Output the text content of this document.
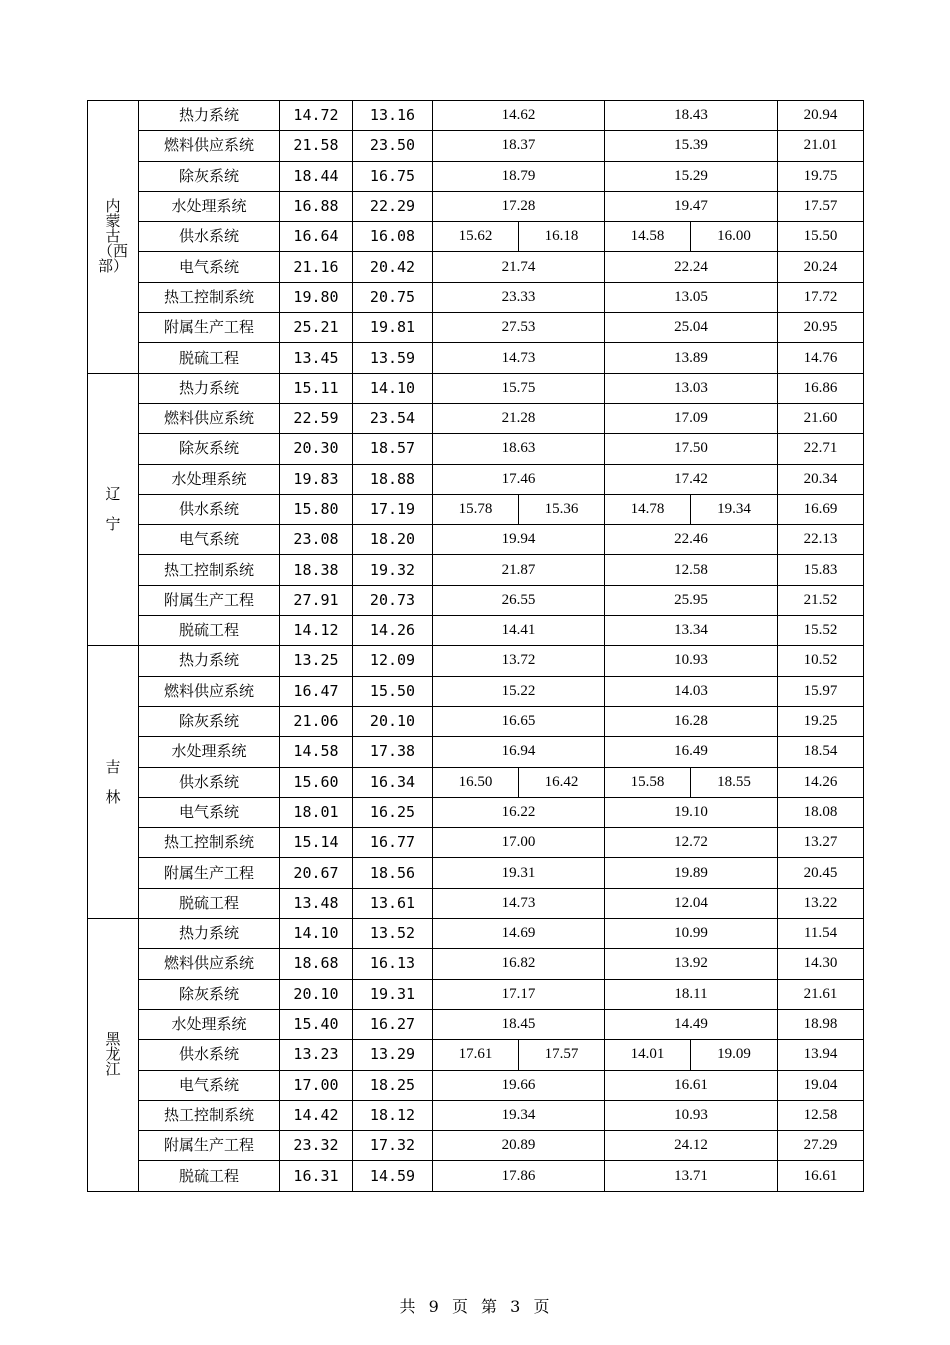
内
蒙
古
（西
部）	热力系统	14.72	13.16	14.62		18.43		20.94
	燃料供应系统	21.58	23.50	18.37		15.39		21.01
	除灰系统	18.44	16.75	18.79		15.29		19.75
	水处理系统	16.88	22.29	17.28		19.47		17.57
	供水系统	16.64	16.08	15.62	16.18	14.58	16.00	15.50
	电气系统	21.16	20.42	21.74		22.24		20.24
	热工控制系统	19.80	20.75	23.33		13.05		17.72
	附属生产工程	25.21	19.81	27.53		25.04		20.95
	脱硫工程	13.45	13.59	14.73		13.89		14.76
辽

宁	热力系统	15.11	14.10	15.75		13.03		16.86
	燃料供应系统	22.59	23.54	21.28		17.09		21.60
	除灰系统	20.30	18.57	18.63		17.50		22.71
	水处理系统	19.83	18.88	17.46		17.42		20.34
	供水系统	15.80	17.19	15.78	15.36	14.78	19.34	16.69
	电气系统	23.08	18.20	19.94		22.46		22.13
	热工控制系统	18.38	19.32	21.87		12.58		15.83
	附属生产工程	27.91	20.73	26.55		25.95		21.52
	脱硫工程	14.12	14.26	14.41		13.34		15.52
吉

林	热力系统	13.25	12.09	13.72		10.93		10.52
	燃料供应系统	16.47	15.50	15.22		14.03		15.97
	除灰系统	21.06	20.10	16.65		16.28		19.25
	水处理系统	14.58	17.38	16.94		16.49		18.54
	供水系统	15.60	16.34	16.50	16.42	15.58	18.55	14.26
	电气系统	18.01	16.25	16.22		19.10		18.08
	热工控制系统	15.14	16.77	17.00		12.72		13.27
	附属生产工程	20.67	18.56	19.31		19.89		20.45
	脱硫工程	13.48	13.61	14.73		12.04		13.22
黑
龙
江	热力系统	14.10	13.52	14.69		10.99		11.54
	燃料供应系统	18.68	16.13	16.82		13.92		14.30
	除灰系统	20.10	19.31	17.17		18.11		21.61
	水处理系统	15.40	16.27	18.45		14.49		18.98
	供水系统	13.23	13.29	17.61	17.57	14.01	19.09	13.94
	电气系统	17.00	18.25	19.66		16.61		19.04
	热工控制系统	14.42	18.12	19.34		10.93		12.58
	附属生产工程	23.32	17.32	20.89		24.12		27.29
	脱硫工程	16.31	14.59	17.86		13.71		16.61
共 9 页 第 3 页
